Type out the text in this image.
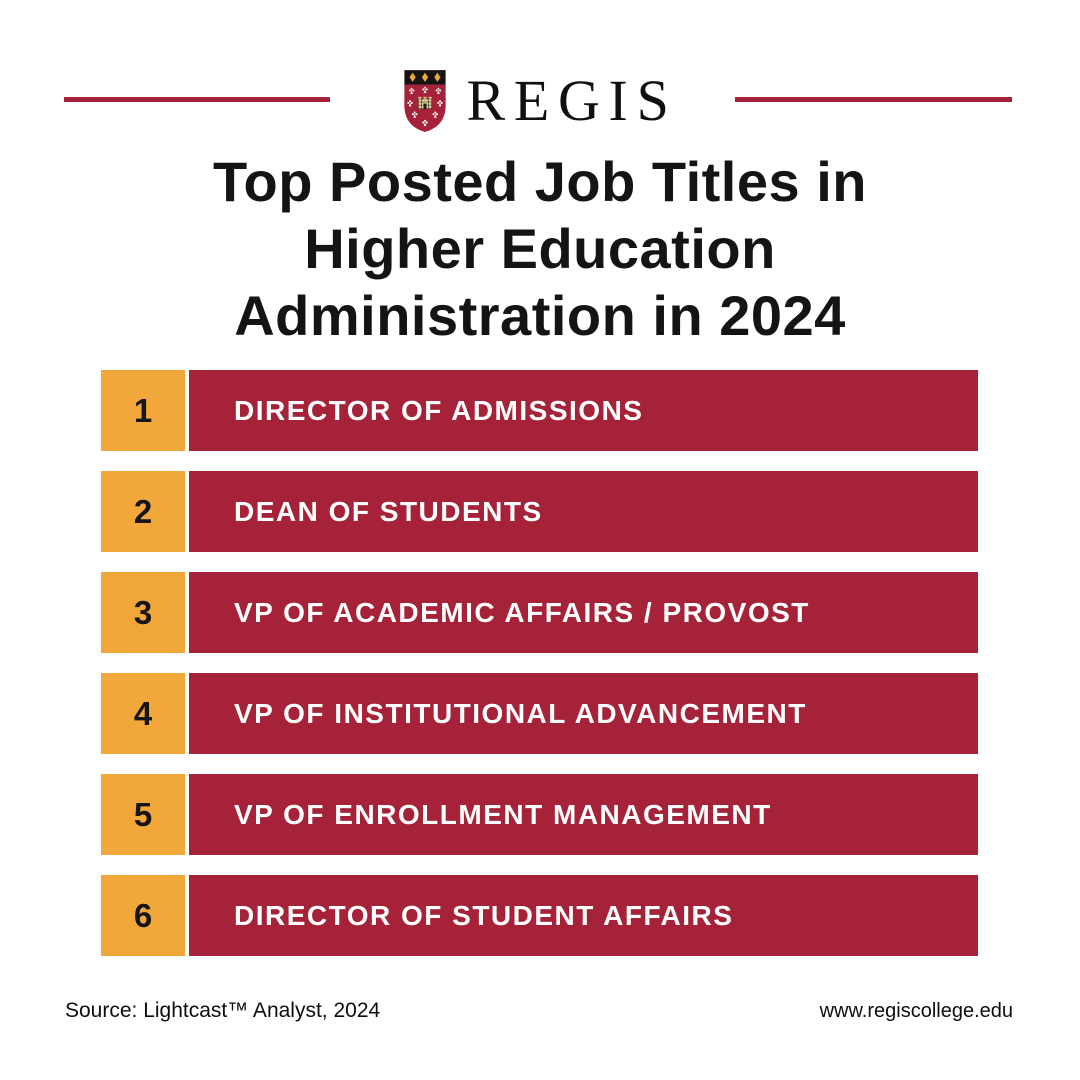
REGIS
Top Posted Job Titles in
Higher Education
Administration in 2024
1	DIRECTOR OF ADMISSIONS
2	DEAN OF STUDENTS
3	VP OF ACADEMIC AFFAIRS / PROVOST
4	VP OF INSTITUTIONAL ADVANCEMENT
5	VP OF ENROLLMENT MANAGEMENT
6	DIRECTOR OF STUDENT AFFAIRS
Source: Lightcast™ Analyst, 2024	www.regiscollege.edu
